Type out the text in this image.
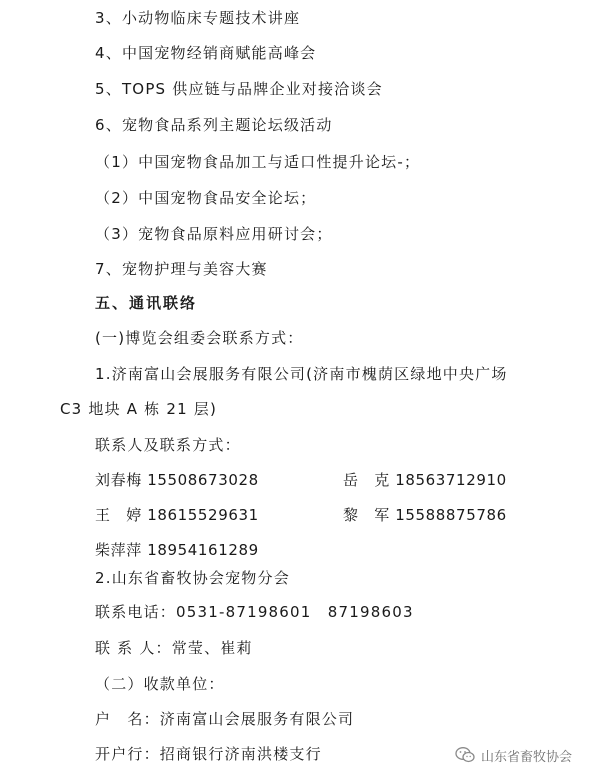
3、小动物临床专题技术讲座
4、中国宠物经销商赋能高峰会
5、TOPS 供应链与品牌企业对接洽谈会
6、宠物食品系列主题论坛级活动
（1）中国宠物食品加工与适口性提升论坛-；
（2）中国宠物食品安全论坛；
（3）宠物食品原料应用研讨会；
7、宠物护理与美容大赛
五、通讯联络
(一)博览会组委会联系方式：
1.济南富山会展服务有限公司(济南市槐荫区绿地中央广场
C3 地块 A 栋 21 层)
联系人及联系方式：
刘春梅 15508673028	岳　克 18563712910
王　婷 18615529631	黎　军 15588875786
柴萍萍 18954161289
2.山东省畜牧协会宠物分会
联系电话：0531-87198601　87198603
联 系 人：常莹、崔莉
（二）收款单位：
户　名：济南富山会展服务有限公司
开户行：招商银行济南洪楼支行	山东省畜牧协会
